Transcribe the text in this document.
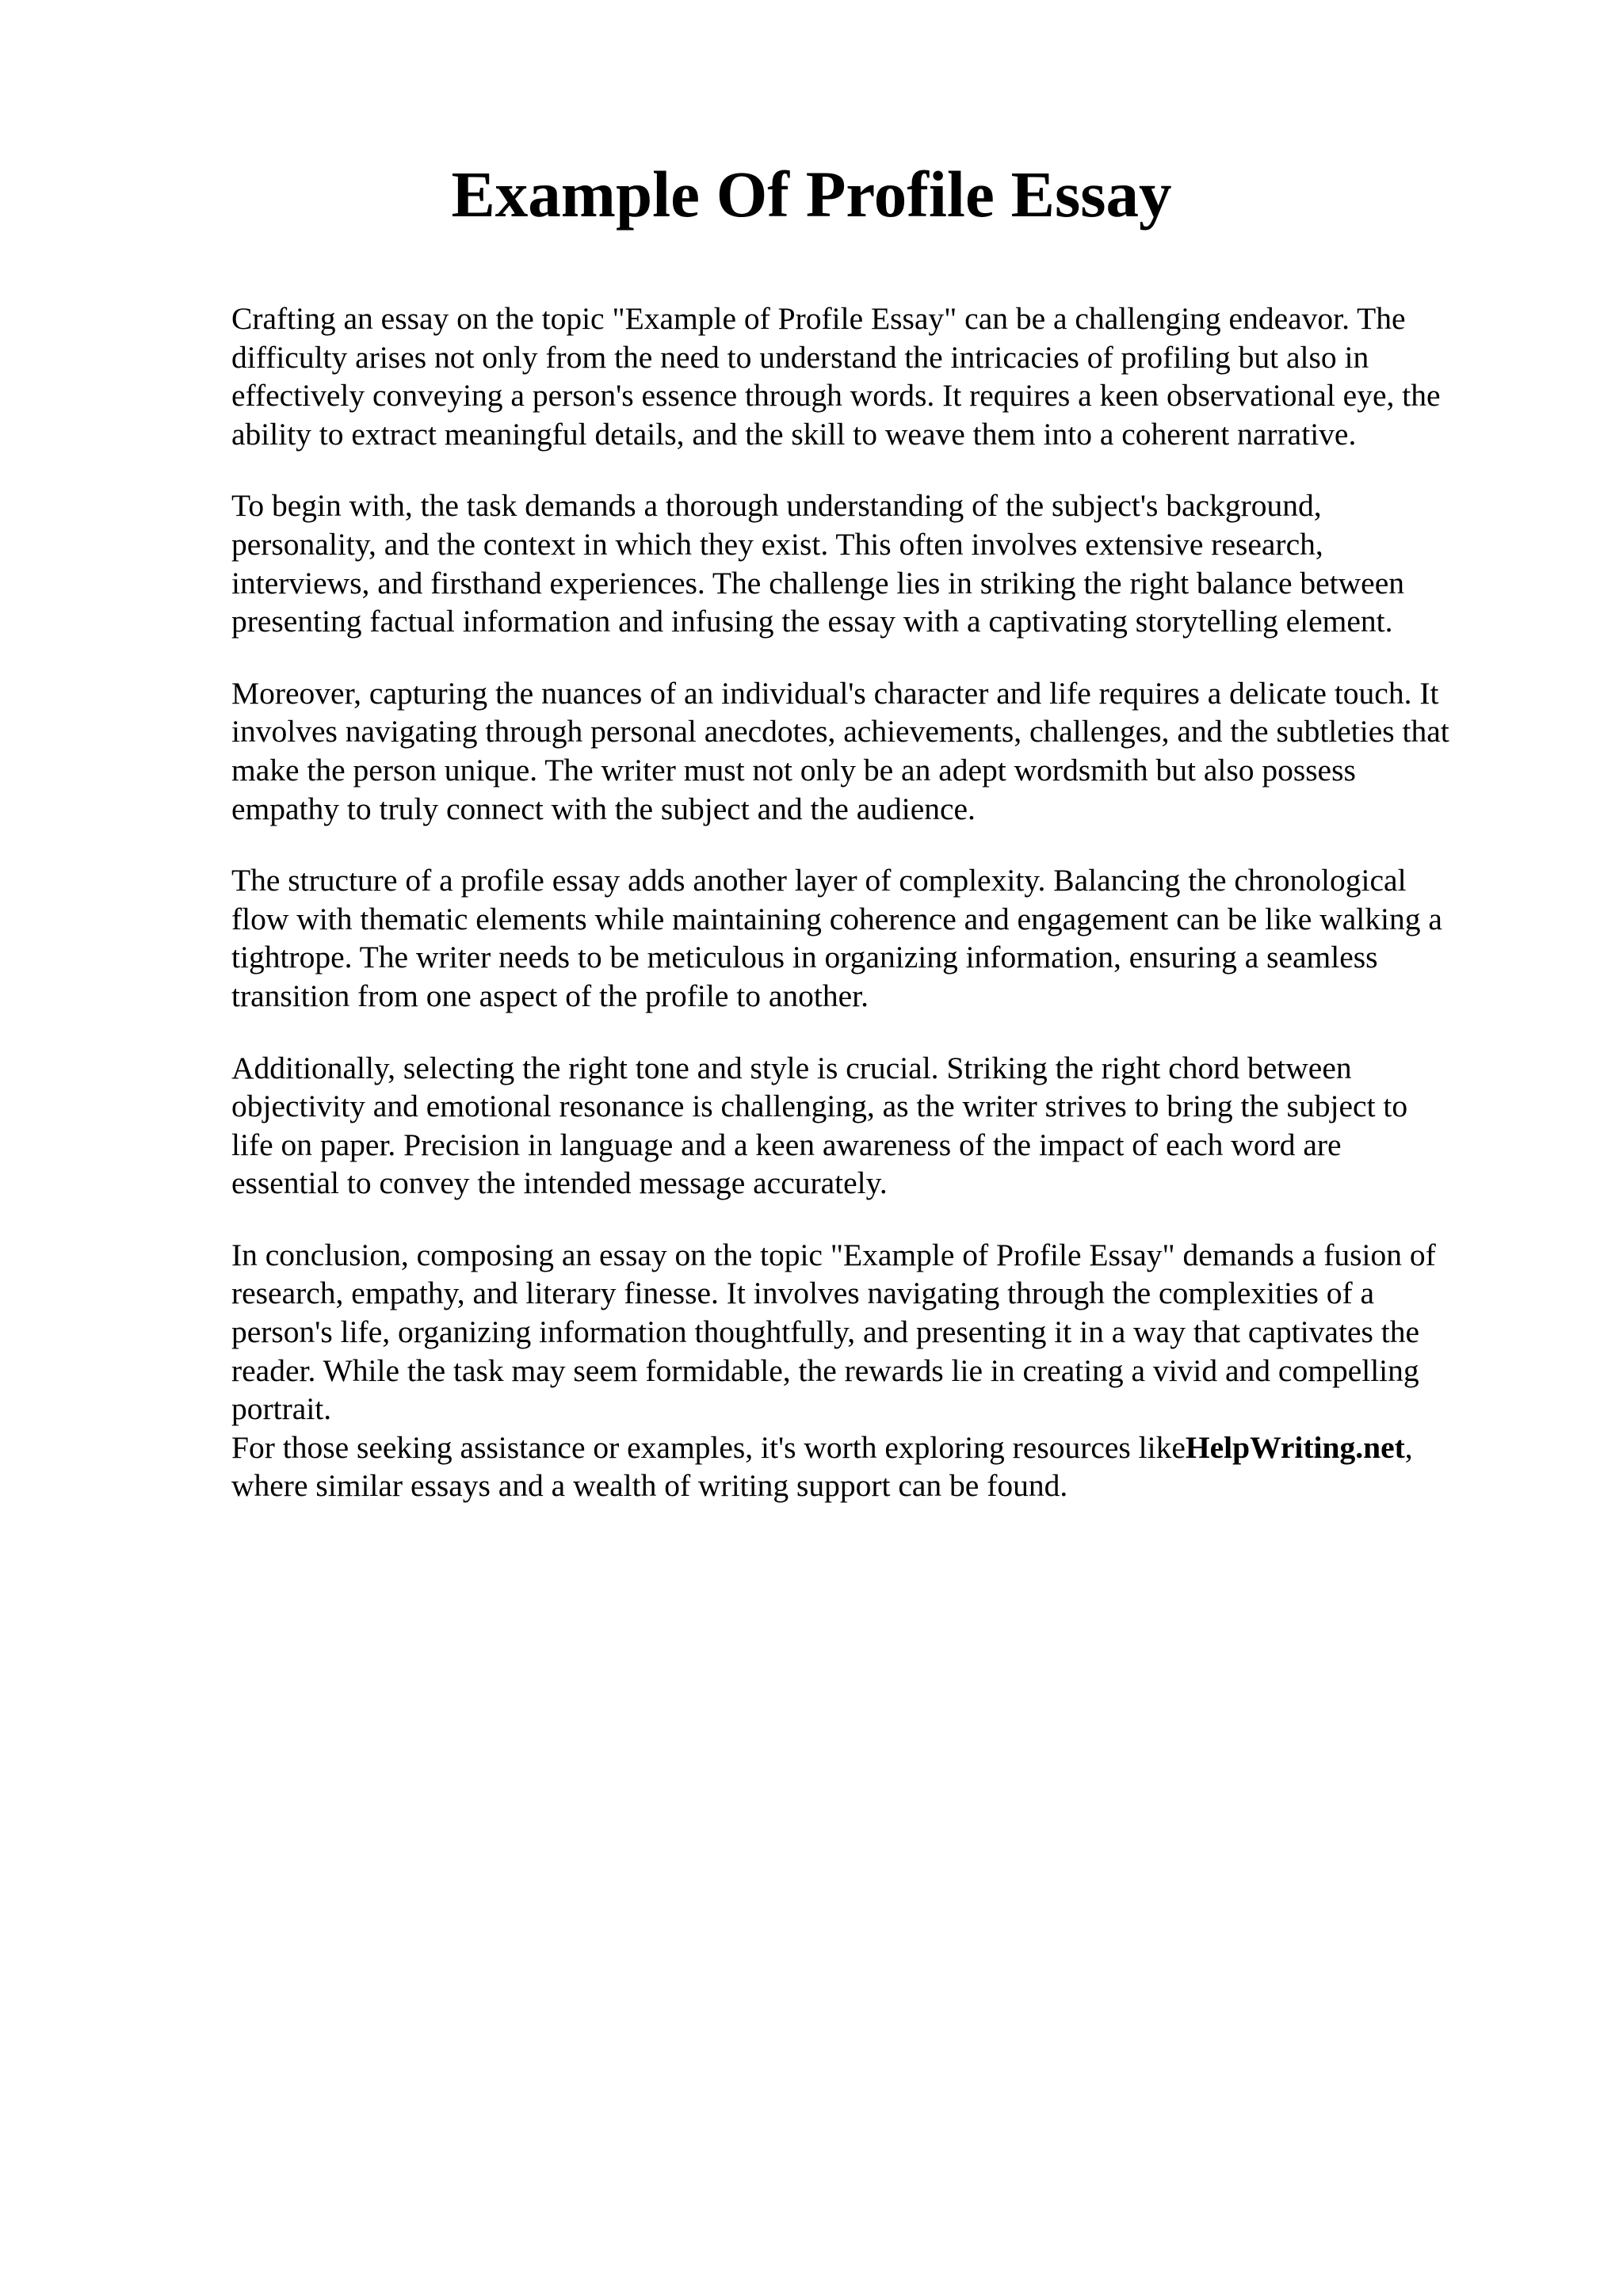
Example Of Profile Essay

Crafting an essay on the topic "Example of Profile Essay" can be a challenging endeavor. The
difficulty arises not only from the need to understand the intricacies of profiling but also in
effectively conveying a person's essence through words. It requires a keen observational eye, the
ability to extract meaningful details, and the skill to weave them into a coherent narrative.

To begin with, the task demands a thorough understanding of the subject's background,
personality, and the context in which they exist. This often involves extensive research,
interviews, and firsthand experiences. The challenge lies in striking the right balance between
presenting factual information and infusing the essay with a captivating storytelling element.

Moreover, capturing the nuances of an individual's character and life requires a delicate touch. It
involves navigating through personal anecdotes, achievements, challenges, and the subtleties that
make the person unique. The writer must not only be an adept wordsmith but also possess
empathy to truly connect with the subject and the audience.

The structure of a profile essay adds another layer of complexity. Balancing the chronological
flow with thematic elements while maintaining coherence and engagement can be like walking a
tightrope. The writer needs to be meticulous in organizing information, ensuring a seamless
transition from one aspect of the profile to another.

Additionally, selecting the right tone and style is crucial. Striking the right chord between
objectivity and emotional resonance is challenging, as the writer strives to bring the subject to
life on paper. Precision in language and a keen awareness of the impact of each word are
essential to convey the intended message accurately.

In conclusion, composing an essay on the topic "Example of Profile Essay" demands a fusion of
research, empathy, and literary finesse. It involves navigating through the complexities of a
person's life, organizing information thoughtfully, and presenting it in a way that captivates the
reader. While the task may seem formidable, the rewards lie in creating a vivid and compelling
portrait.

For those seeking assistance or examples, it's worth exploring resources likeHelpWriting.net,
where similar essays and a wealth of writing support can be found.
